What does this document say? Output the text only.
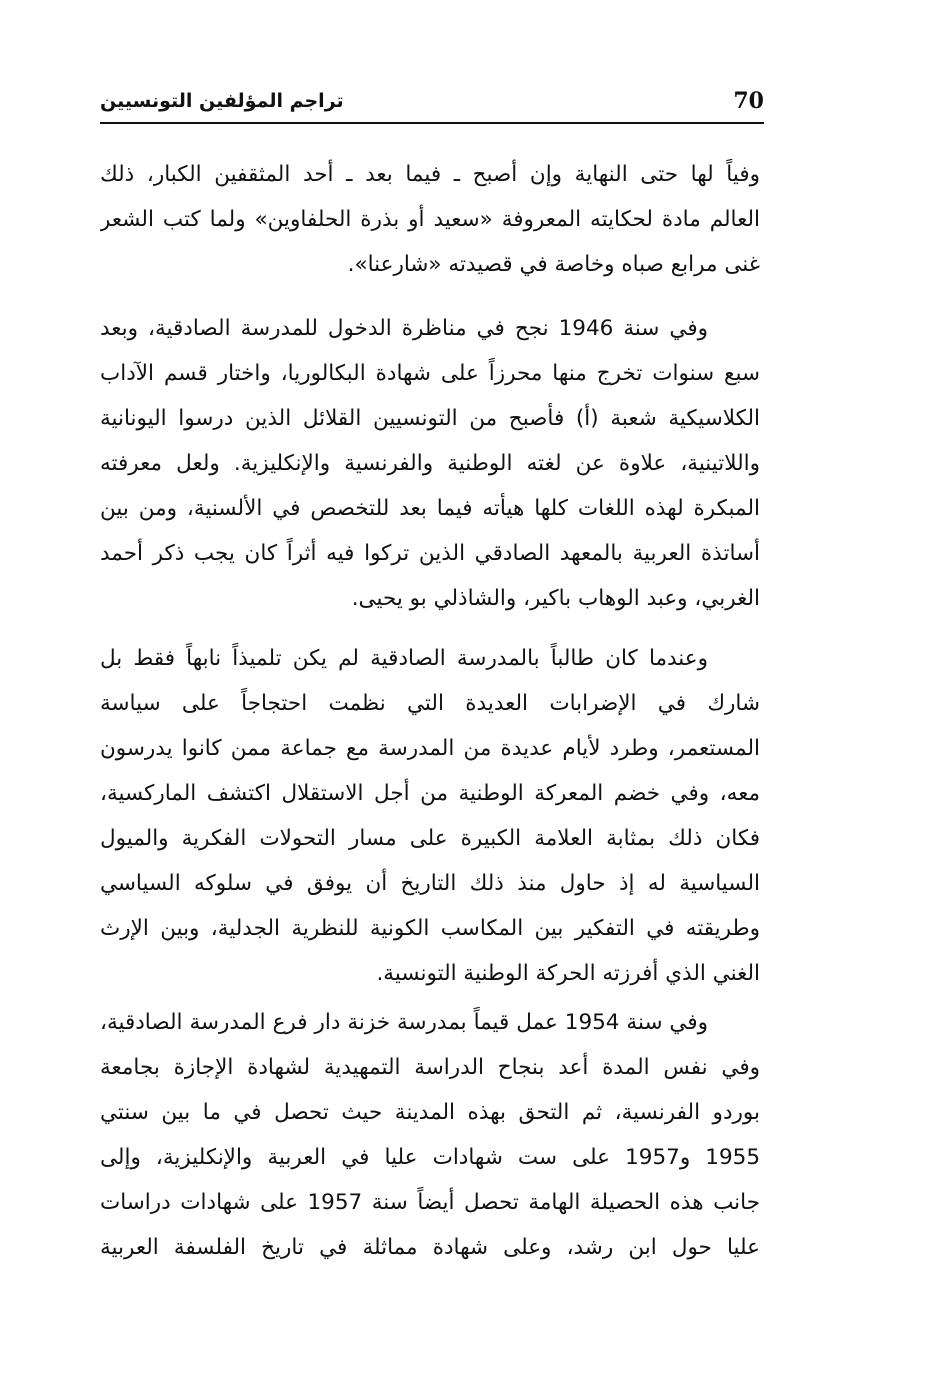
70
تراجم المؤلفين التونسيين
وفياً لها حتى النهاية وإن أصبح ـ فيما بعد ـ أحد المثقفين الكبار، ذلك
العالم مادة لحكايته المعروفة «سعيد أو بذرة الحلفاوين» ولما كتب الشعر
غنى مرابع صباه وخاصة في قصيدته «شارعنا».
وفي سنة 1946 نجح في مناظرة الدخول للمدرسة الصادقية، وبعد
سبع سنوات تخرج منها محرزاً على شهادة البكالوريا، واختار قسم الآداب
الكلاسيكية شعبة (أ) فأصبح من التونسيين القلائل الذين درسوا اليونانية
واللاتينية، علاوة عن لغته الوطنية والفرنسية والإنكليزية. ولعل معرفته
المبكرة لهذه اللغات كلها هيأته فيما بعد للتخصص في الألسنية، ومن بين
أساتذة العربية بالمعهد الصادقي الذين تركوا فيه أثراً كان يجب ذكر أحمد
الغربي، وعبد الوهاب باكير، والشاذلي بو يحيى.
وعندما كان طالباً بالمدرسة الصادقية لم يكن تلميذاً نابهاً فقط بل
شارك في الإضرابات العديدة التي نظمت احتجاجاً على سياسة
المستعمر، وطرد لأيام عديدة من المدرسة مع جماعة ممن كانوا يدرسون
معه، وفي خضم المعركة الوطنية من أجل الاستقلال اكتشف الماركسية،
فكان ذلك بمثابة العلامة الكبيرة على مسار التحولات الفكرية والميول
السياسية له إذ حاول منذ ذلك التاريخ أن يوفق في سلوكه السياسي
وطريقته في التفكير بين المكاسب الكونية للنظرية الجدلية، وبين الإرث
الغني الذي أفرزته الحركة الوطنية التونسية.
وفي سنة 1954 عمل قيماً بمدرسة خزنة دار فرع المدرسة الصادقية،
وفي نفس المدة أعد بنجاح الدراسة التمهيدية لشهادة الإجازة بجامعة
بوردو الفرنسية، ثم التحق بهذه المدينة حيث تحصل في ما بين سنتي
1955 و1957 على ست شهادات عليا في العربية والإنكليزية، وإلى
جانب هذه الحصيلة الهامة تحصل أيضاً سنة 1957 على شهادات دراسات
عليا حول ابن رشد، وعلى شهادة مماثلة في تاريخ الفلسفة العربية
